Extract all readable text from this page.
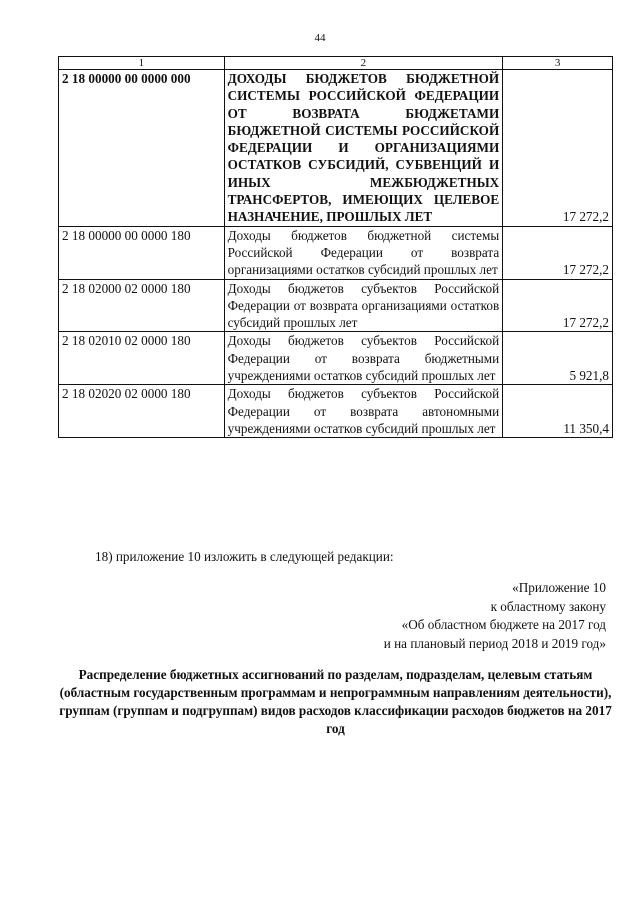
44
1	2	3
2 18 00000 00 0000 000	ДОХОДЫ БЮДЖЕТОВ БЮДЖЕТНОЙ СИСТЕМЫ РОССИЙСКОЙ ФЕДЕРАЦИИ ОТ ВОЗВРАТА БЮДЖЕТАМИ БЮДЖЕТНОЙ СИСТЕМЫ РОССИЙСКОЙ ФЕДЕРАЦИИ И ОРГАНИЗАЦИЯМИ ОСТАТКОВ СУБСИДИЙ, СУБВЕНЦИЙ И ИНЫХ МЕЖБЮДЖЕТНЫХ ТРАНСФЕРТОВ, ИМЕЮЩИХ ЦЕЛЕВОЕ НАЗНАЧЕНИЕ, ПРОШЛЫХ ЛЕТ	17 272,2
2 18 00000 00 0000 180	Доходы бюджетов бюджетной системы Российской Федерации от возврата организациями остатков субсидий прошлых лет	17 272,2
2 18 02000 02 0000 180	Доходы бюджетов субъектов Российской Федерации от возврата организациями остатков субсидий прошлых лет	17 272,2
2 18 02010 02 0000 180	Доходы бюджетов субъектов Российской Федерации от возврата бюджетными учреждениями остатков субсидий прошлых лет	5 921,8
2 18 02020 02 0000 180	Доходы бюджетов субъектов Российской Федерации от возврата автономными учреждениями остатков субсидий прошлых лет	11 350,4
18) приложение 10 изложить в следующей редакции:
«Приложение 10
к областному закону
«Об областном бюджете на 2017 год
и на плановый период 2018 и 2019 год»
Распределение бюджетных ассигнований по разделам, подразделам, целевым статьям (областным государственным программам и непрограммным направлениям деятельности), группам (группам и подгруппам) видов расходов классификации расходов бюджетов на 2017 год
